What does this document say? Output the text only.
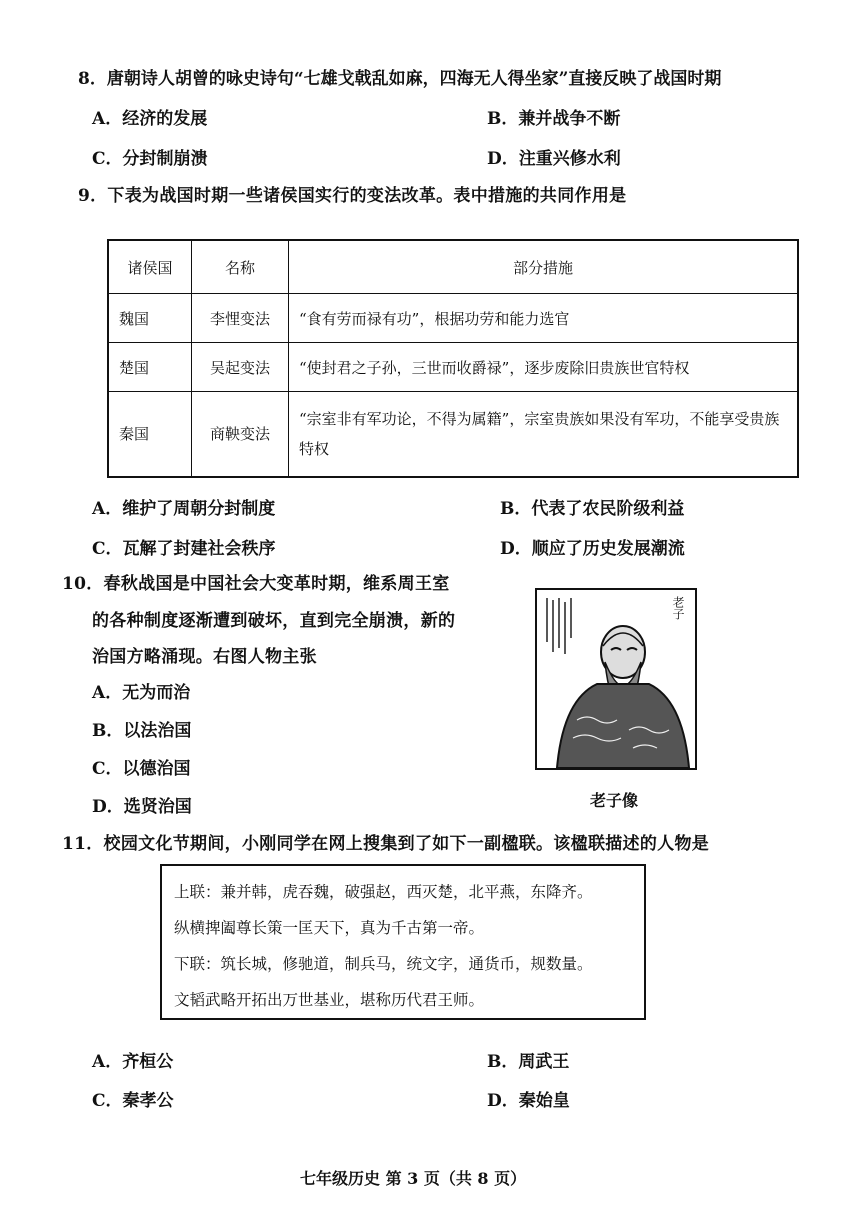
8．唐朝诗人胡曾的咏史诗句“七雄戈戟乱如麻，四海无人得坐家”直接反映了战国时期
A．经济的发展	B．兼并战争不断
C．分封制崩溃	D．注重兴修水利
9．下表为战国时期一些诸侯国实行的变法改革。表中措施的共同作用是
诸侯国	名称	部分措施
魏国	李悝变法	“食有劳而禄有功”，根据功劳和能力选官
楚国	吴起变法	“使封君之子孙，三世而收爵禄”，逐步废除旧贵族世官特权
秦国	商鞅变法	“宗室非有军功论，不得为属籍”，宗室贵族如果没有军功，不能享受贵族特权
A．维护了周朝分封制度	B．代表了农民阶级利益
C．瓦解了封建社会秩序	D．顺应了历史发展潮流
10．春秋战国是中国社会大变革时期，维系周王室
的各种制度逐渐遭到破坏，直到完全崩溃，新的
治国方略涌现。右图人物主张
A．无为而治
B．以法治国
C．以德治国
D．选贤治国
老子
老子像
11．校园文化节期间，小刚同学在网上搜集到了如下一副楹联。该楹联描述的人物是
上联：兼并韩，虎吞魏，破强赵，西灭楚，北平燕，东降齐。
纵横捭阖尊长策一匡天下，真为千古第一帝。
下联：筑长城，修驰道，制兵马，统文字，通货币，规数量。
文韬武略开拓出万世基业，堪称历代君王师。
A．齐桓公	B．周武王
C．秦孝公	D．秦始皇
七年级历史 第 3 页（共 8 页）
